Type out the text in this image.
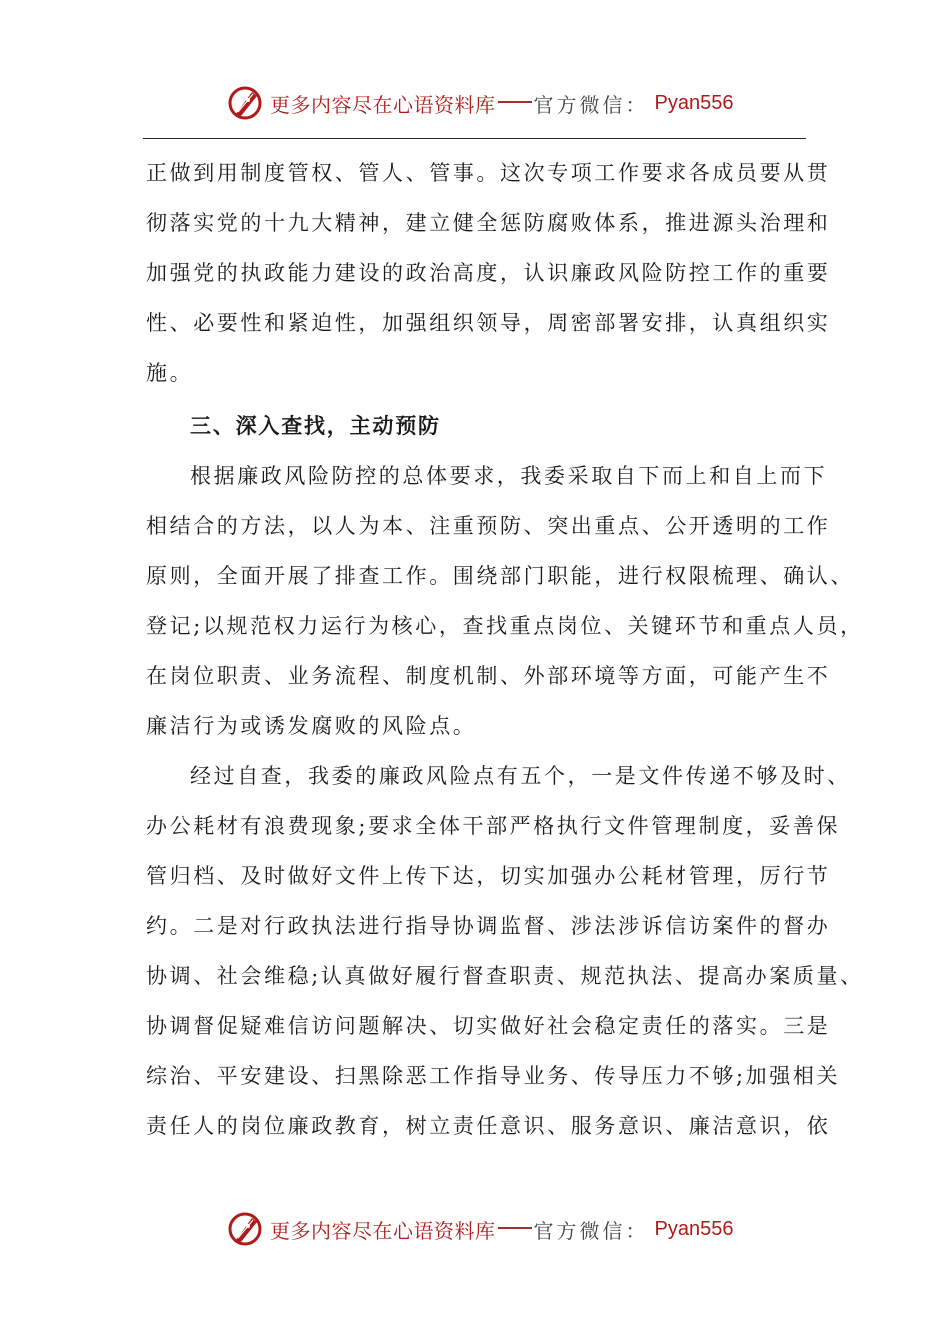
更多内容尽在心语资料库 官方微信： Pyan556
正做到用制度管权、管人、管事。这次专项工作要求各成员要从贯
彻落实党的十九大精神，建立健全惩防腐败体系，推进源头治理和
加强党的执政能力建设的政治高度，认识廉政风险防控工作的重要
性、必要性和紧迫性，加强组织领导，周密部署安排，认真组织实
施。
三、深入查找，主动预防
根据廉政风险防控的总体要求，我委采取自下而上和自上而下
相结合的方法，以人为本、注重预防、突出重点、公开透明的工作
原则，全面开展了排查工作。围绕部门职能，进行权限梳理、确认、
登记;以规范权力运行为核心，查找重点岗位、关键环节和重点人员，
在岗位职责、业务流程、制度机制、外部环境等方面，可能产生不
廉洁行为或诱发腐败的风险点。
经过自查，我委的廉政风险点有五个，一是文件传递不够及时、
办公耗材有浪费现象;要求全体干部严格执行文件管理制度，妥善保
管归档、及时做好文件上传下达，切实加强办公耗材管理，厉行节
约。二是对行政执法进行指导协调监督、涉法涉诉信访案件的督办
协调、社会维稳;认真做好履行督查职责、规范执法、提高办案质量、
协调督促疑难信访问题解决、切实做好社会稳定责任的落实。三是
综治、平安建设、扫黑除恶工作指导业务、传导压力不够;加强相关
责任人的岗位廉政教育，树立责任意识、服务意识、廉洁意识，依
更多内容尽在心语资料库 官方微信： Pyan556
